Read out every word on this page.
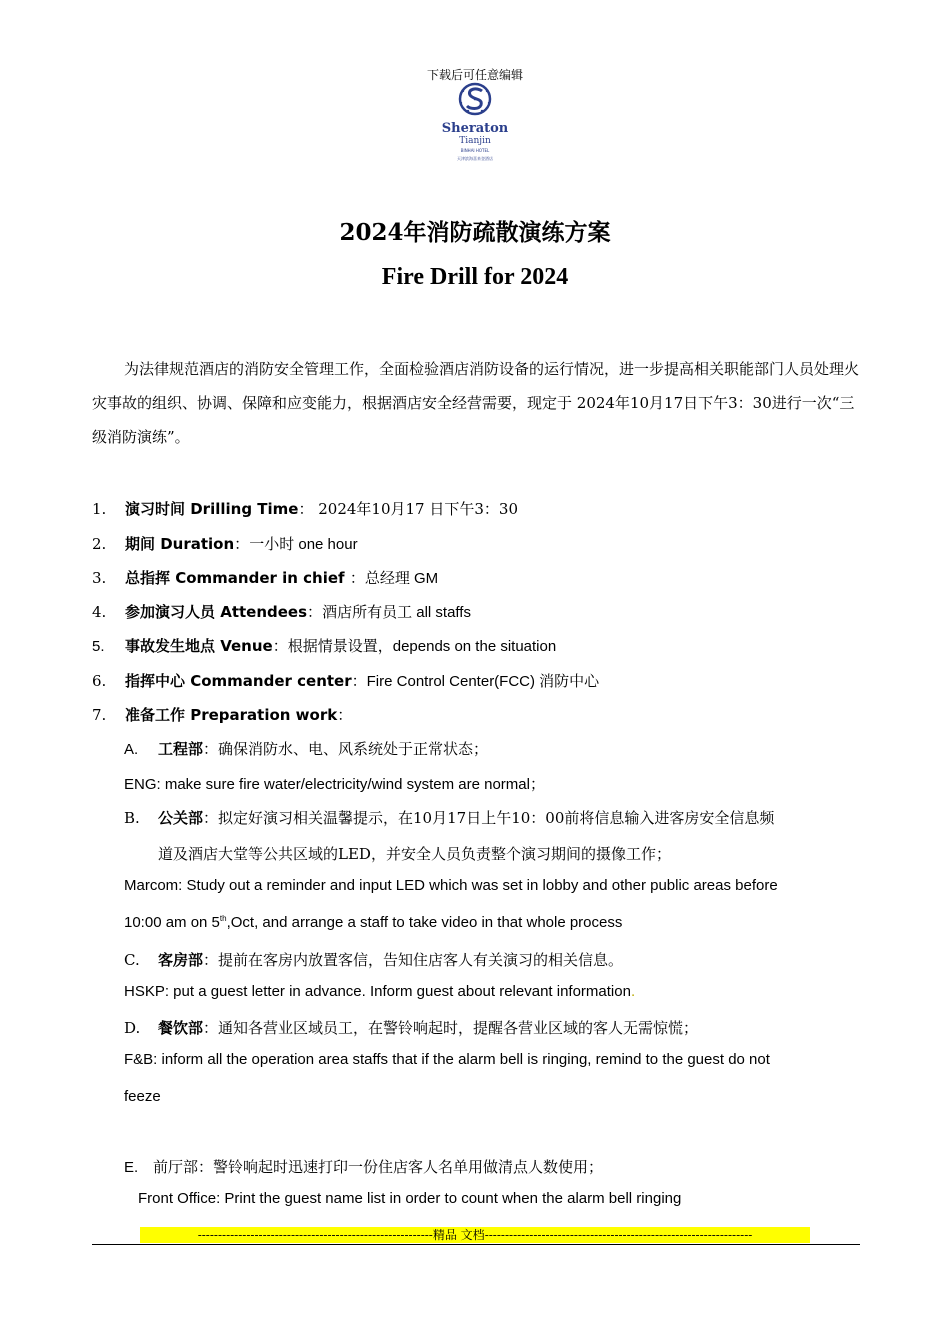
下载后可任意编辑
Sheraton
Tianjin
BINHAI HOTEL
天津滨海喜来登酒店
2024年消防疏散演练方案
Fire Drill for 2024
为法律规范酒店的消防安全管理工作，全面检验酒店消防设备的运行情况，进一步提高相关职能部门人员处理火灾事故的组织、协调、保障和应变能力，根据酒店安全经营需要，现定于 2024年10月17日下午3：30进行一次“三级消防演练”。
1. 演习时间 Drilling Time： 2024年10月17 日下午3：30
2. 期间 Duration：一小时 one hour
3. 总指挥 Commander in chief ：总经理 GM
4. 参加演习人员 Attendees：酒店所有员工 all staffs
5. 事故发生地点 Venue：根据情景设置，depends on the situation
6. 指挥中心 Commander center：Fire Control Center(FCC) 消防中心
7. 准备工作 Preparation work：
A. 工程部：确保消防水、电、风系统处于正常状态；
ENG: make sure fire water/electricity/wind system are normal；
B. 公关部：拟定好演习相关温馨提示，在10月17日上午10：00前将信息输入进客房安全信息频
道及酒店大堂等公共区域的LED，并安全人员负责整个演习期间的摄像工作；
Marcom: Study out a reminder and input LED which was set in lobby and other public areas before
10:00 am on 5th,Oct, and arrange a staff to take video in that whole process
C. 客房部：提前在客房内放置客信，告知住店客人有关演习的相关信息。
HSKP: put a guest letter in advance. Inform guest about relevant information.
D. 餐饮部：通知各营业区域员工，在警铃响起时，提醒各营业区域的客人无需惊慌；
F&B: inform all the operation area staffs that if the alarm bell is ringing, remind to the guest do not
feeze
E. 前厅部：警铃响起时迅速打印一份住店客人名单用做清点人数使用；
Front Office: Print the guest name list in order to count when the alarm bell ringing
----------------------------------------------------------精品 文档------------------------------------------------------------------
